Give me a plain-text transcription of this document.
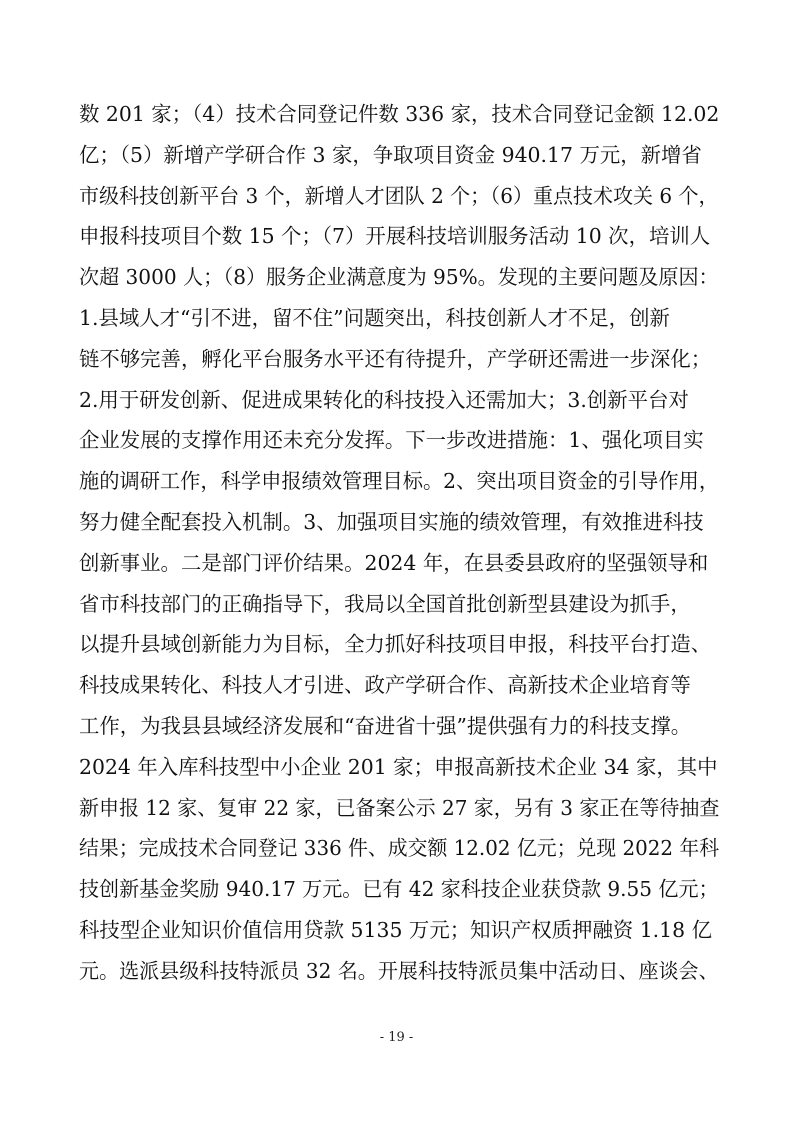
数 201 家；（4）技术合同登记件数 336 家，技术合同登记金额 12.02
亿；（5）新增产学研合作 3 家，争取项目资金 940.17 万元，新增省
市级科技创新平台 3 个，新增人才团队 2 个；（6）重点技术攻关 6 个，
申报科技项目个数 15 个；（7）开展科技培训服务活动 10 次，培训人
次超 3000 人；（8）服务企业满意度为 95%。发现的主要问题及原因：
1.县域人才“引不进，留不住”问题突出，科技创新人才不足，创新
链不够完善，孵化平台服务水平还有待提升，产学研还需进一步深化；
2.用于研发创新、促进成果转化的科技投入还需加大；3.创新平台对
企业发展的支撑作用还未充分发挥。下一步改进措施：1、强化项目实
施的调研工作，科学申报绩效管理目标。2、突出项目资金的引导作用，
努力健全配套投入机制。3、加强项目实施的绩效管理，有效推进科技
创新事业。二是部门评价结果。2024 年，在县委县政府的坚强领导和
省市科技部门的正确指导下，我局以全国首批创新型县建设为抓手，
以提升县域创新能力为目标，全力抓好科技项目申报，科技平台打造、
科技成果转化、科技人才引进、政产学研合作、高新技术企业培育等
工作，为我县县域经济发展和“奋进省十强”提供强有力的科技支撑。
2024 年入库科技型中小企业 201 家；申报高新技术企业 34 家，其中
新申报 12 家、复审 22 家，已备案公示 27 家，另有 3 家正在等待抽查
结果；完成技术合同登记 336 件、成交额 12.02 亿元；兑现 2022 年科
技创新基金奖励 940.17 万元。已有 42 家科技企业获贷款 9.55 亿元；
科技型企业知识价值信用贷款 5135 万元；知识产权质押融资 1.18 亿
元。选派县级科技特派员 32 名。开展科技特派员集中活动日、座谈会、
- 19 -
